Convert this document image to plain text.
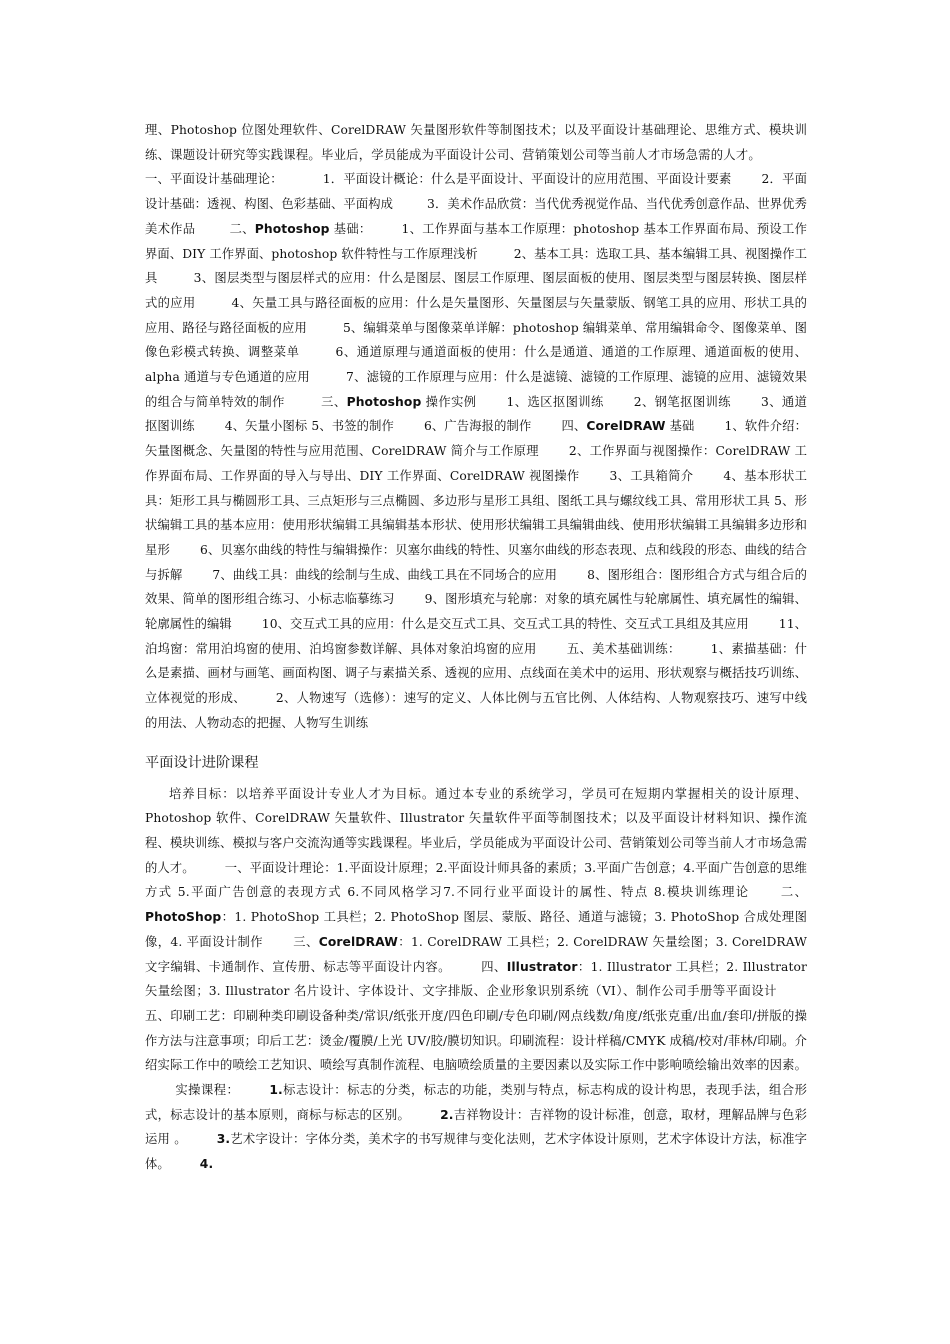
理、Photoshop 位图处理软件、CorelDRAW 矢量图形软件等制图技术；以及平面设计基础理论、思维方式、模块训练、课题设计研究等实践课程。毕业后，学员能成为平面设计公司、营销策划公司等当前人才市场急需的人才。一、平面设计基础理论：	1．平面设计概论：什么是平面设计、平面设计的应用范围、平面设计要素 2．平面设计基础：透视、构图、色彩基础、平面构成	3．美术作品欣赏：当代优秀视觉作品、当代优秀创意作品、世界优秀美术作品	二、Photoshop 基础： 1、工作界面与基本工作原理：photoshop 基本工作界面布局、预设工作界面、DIY 工作界面、photoshop 软件特性与工作原理浅析	2、基本工具：选取工具、基本编辑工具、视图操作工具	3、图层类型与图层样式的应用：什么是图层、图层工作原理、图层面板的使用、图层类型与图层转换、图层样式的应用	4、矢量工具与路径面板的应用：什么是矢量图形、矢量图层与矢量蒙版、钢笔工具的应用、形状工具的应用、路径与路径面板的应用	5、编辑菜单与图像菜单详解：photoshop 编辑菜单、常用编辑命令、图像菜单、图像色彩模式转换、调整菜单	6、通道原理与通道面板的使用：什么是通道、通道的工作原理、通道面板的使用、alpha 通道与专色通道的应用	7、滤镜的工作原理与应用：什么是滤镜、滤镜的工作原理、滤镜的应用、滤镜效果的组合与简单特效的制作	三、Photoshop 操作实例 1、选区抠图训练 2、钢笔抠图训练 3、通道抠图训练 4、矢量小图标 5、书签的制作 6、广告海报的制作 四、CorelDRAW 基础 1、软件介绍：矢量图概念、矢量图的特性与应用范围、CorelDRAW 简介与工作原理 2、工作界面与视图操作：CorelDRAW 工作界面布局、工作界面的导入与导出、DIY 工作界面、CorelDRAW 视图操作 3、工具箱简介 4、基本形状工具：矩形工具与椭圆形工具、三点矩形与三点椭圆、多边形与星形工具组、图纸工具与螺纹线工具、常用形状工具 5、形状编辑工具的基本应用：使用形状编辑工具编辑基本形状、使用形状编辑工具编辑曲线、使用形状编辑工具编辑多边形和星形 6、贝塞尔曲线的特性与编辑操作：贝塞尔曲线的特性、贝塞尔曲线的形态表现、点和线段的形态、曲线的结合与拆解 7、曲线工具：曲线的绘制与生成、曲线工具在不同场合的应用 8、图形组合：图形组合方式与组合后的效果、简单的图形组合练习、小标志临摹练习 9、图形填充与轮廓：对象的填充属性与轮廓属性、填充属性的编辑、轮廓属性的编辑 10、交互式工具的应用：什么是交互式工具、交互式工具的特性、交互式工具组及其应用 11、泊坞窗：常用泊坞窗的使用、泊坞窗参数详解、具体对象泊坞窗的应用 五、美术基础训练： 1、素描基础：什么是素描、画材与画笔、画面构图、调子与素描关系、透视的应用、点线面在美术中的运用、形状观察与概括技巧训练、立体视觉的形成、 2、人物速写（选修）：速写的定义、人体比例与五官比例、人体结构、人物观察技巧、速写中线的用法、人物动态的把握、人物写生训练

平面设计进阶课程

培养目标：以培养平面设计专业人才为目标。通过本专业的系统学习，学员可在短期内掌握相关的设计原理、Photoshop 软件、CorelDRAW 矢量软件、Illustrator 矢量软件平面等制图技术；以及平面设计材料知识、操作流程、模块训练、模拟与客户交流沟通等实践课程。毕业后，学员能成为平面设计公司、营销策划公司等当前人才市场急需的人才。 一、平面设计理论：1.平面设计原理；2.平面设计师具备的素质；3.平面广告创意；4.平面广告创意的思维方式 5.平面广告创意的表现方式 6.不同风格学习7.不同行业平面设计的属性、特点 8.模块训练理论 二、PhotoShop：1. PhotoShop 工具栏；2. PhotoShop 图层、蒙版、路径、通道与滤镜；3. PhotoShop 合成处理图像，4. 平面设计制作 三、CorelDRAW：1. CorelDRAW 工具栏；2. CorelDRAW 矢量绘图；3. CorelDRAW 文字编辑、卡通制作、宣传册、标志等平面设计内容。 四、Illustrator：1. Illustrator 工具栏；2. Illustrator 矢量绘图；3. Illustrator 名片设计、字体设计、文字排版、企业形象识别系统（VI）、制作公司手册等平面设计五、印刷工艺：印刷种类印刷设备种类/常识/纸张开度/四色印刷/专色印刷/网点线数/角度/纸张克重/出血/套印/拼版的操作方法与注意事项；印后工艺：烫金/覆膜/上光 UV/胶/膜切知识。印刷流程：设计样稿/CMYK 成稿/校对/菲林/印刷。介绍实际工作中的喷绘工艺知识、喷绘写真制作流程、电脑喷绘质量的主要因素以及实际工作中影响喷绘输出效率的因素。实操课程： 1.标志设计：标志的分类，标志的功能，类别与特点，标志构成的设计构思，表现手法，组合形式，标志设计的基本原则，商标与标志的区别。 2.吉祥物设计：吉祥物的设计标准，创意，取材，理解品牌与色彩运用 。 3.艺术字设计：字体分类，美术字的书写规律与变化法则，艺术字体设计原则，艺术字体设计方法，标准字体。 4.
